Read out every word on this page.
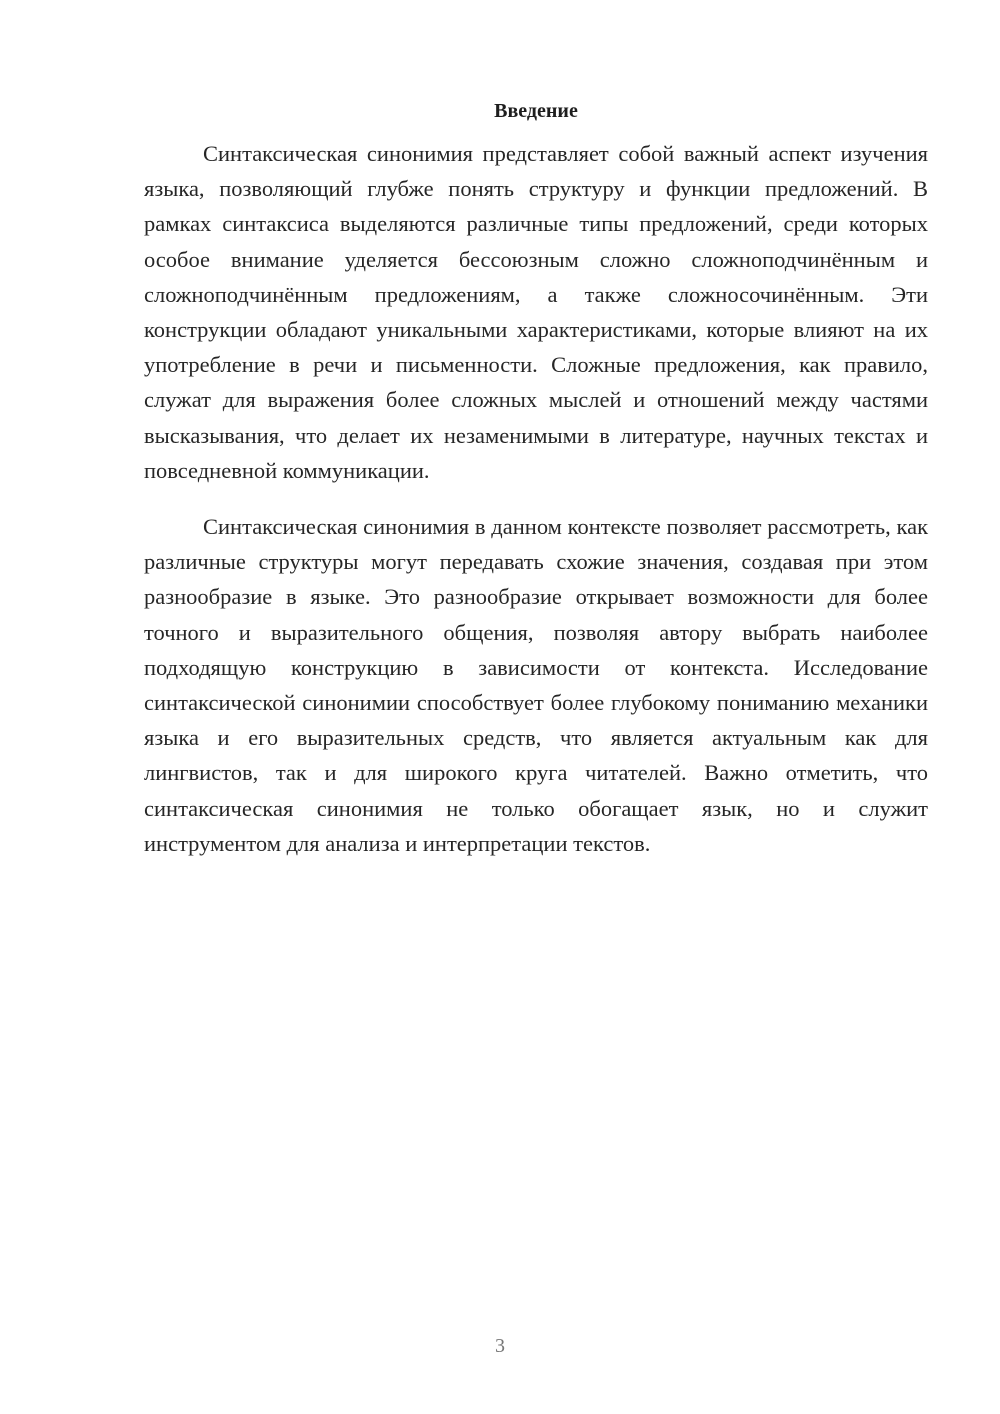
Введение

Синтаксическая синонимия представляет собой важный аспект изучения языка, позволяющий глубже понять структуру и функции предложений. В рамках синтаксиса выделяются различные типы предложений, среди которых особое внимание уделяется бессоюзным сложно сложноподчинённым и сложноподчинённым предложениям, а также сложносочинённым. Эти конструкции обладают уникальными характеристиками, которые влияют на их употребление в речи и письменности. Сложные предложения, как правило, служат для выражения более сложных мыслей и отношений между частями высказывания, что делает их незаменимыми в литературе, научных текстах и повседневной коммуникации.

Синтаксическая синонимия в данном контексте позволяет рассмотреть, как различные структуры могут передавать схожие значения, создавая при этом разнообразие в языке. Это разнообразие открывает возможности для более точного и выразительного общения, позволяя автору выбрать наиболее подходящую конструкцию в зависимости от контекста. Исследование синтаксической синонимии способствует более глубокому пониманию механики языка и его выразительных средств, что является актуальным как для лингвистов, так и для широкого круга читателей. Важно отметить, что синтаксическая синонимия не только обогащает язык, но и служит инструментом для анализа и интерпретации текстов.

3
